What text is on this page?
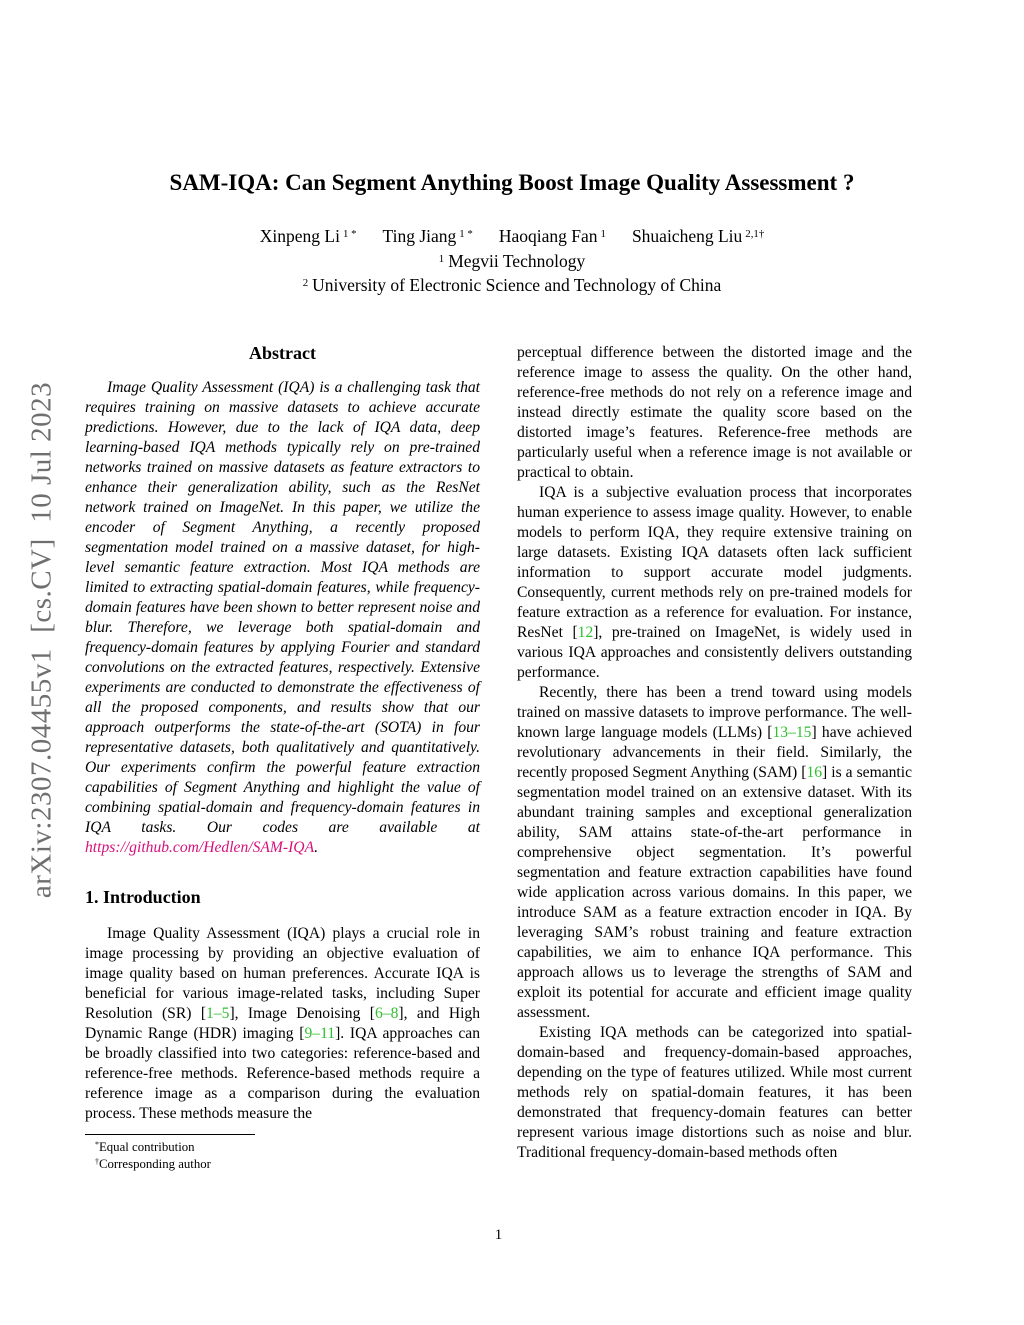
arXiv:2307.04455v1  [cs.CV]  10 Jul 2023
SAM-IQA: Can Segment Anything Boost Image Quality Assessment ?
Xinpeng Li $^{1 *}$ Ting Jiang $^{1 *}$ Haoqiang Fan $^1$ Shuaicheng Liu $^{2,1\dagger}$
$^1$ Megvii Technology
$^2$ University of Electronic Science and Technology of China
Abstract

Image Quality Assessment (IQA) is a challenging task that requires training on massive datasets to achieve accurate predictions. However, due to the lack of IQA data, deep learning-based IQA methods typically rely on pre-trained networks trained on massive datasets as feature extractors to enhance their generalization ability, such as the ResNet network trained on ImageNet. In this paper, we utilize the encoder of Segment Anything, a recently proposed segmentation model trained on a massive dataset, for high-level semantic feature extraction. Most IQA methods are limited to extracting spatial-domain features, while frequency-domain features have been shown to better represent noise and blur. Therefore, we leverage both spatial-domain and frequency-domain features by applying Fourier and standard convolutions on the extracted features, respectively. Extensive experiments are conducted to demonstrate the effectiveness of all the proposed components, and results show that our approach outperforms the state-of-the-art (SOTA) in four representative datasets, both qualitatively and quantitatively. Our experiments confirm the powerful feature extraction capabilities of Segment Anything and highlight the value of combining spatial-domain and frequency-domain features in IQA tasks. Our codes are available at https://github.com/Hedlen/SAM-IQA.

1. Introduction

Image Quality Assessment (IQA) plays a crucial role in image processing by providing an objective evaluation of image quality based on human preferences. Accurate IQA is beneficial for various image-related tasks, including Super Resolution (SR) [1–5], Image Denoising [6–8], and High Dynamic Range (HDR) imaging [9–11]. IQA approaches can be broadly classified into two categories: reference-based and reference-free methods. Reference-based methods require a reference image as a comparison during the evaluation process. These methods measure the

*Equal contribution
†Corresponding author

perceptual difference between the distorted image and the reference image to assess the quality. On the other hand, reference-free methods do not rely on a reference image and instead directly estimate the quality score based on the distorted image’s features. Reference-free methods are particularly useful when a reference image is not available or practical to obtain.

IQA is a subjective evaluation process that incorporates human experience to assess image quality. However, to enable models to perform IQA, they require extensive training on large datasets. Existing IQA datasets often lack sufficient information to support accurate model judgments. Consequently, current methods rely on pre-trained models for feature extraction as a reference for evaluation. For instance, ResNet [12], pre-trained on ImageNet, is widely used in various IQA approaches and consistently delivers outstanding performance.

Recently, there has been a trend toward using models trained on massive datasets to improve performance. The well-known large language models (LLMs) [13–15] have achieved revolutionary advancements in their field. Similarly, the recently proposed Segment Anything (SAM) [16] is a semantic segmentation model trained on an extensive dataset. With its abundant training samples and exceptional generalization ability, SAM attains state-of-the-art performance in comprehensive object segmentation. It’s powerful segmentation and feature extraction capabilities have found wide application across various domains. In this paper, we introduce SAM as a feature extraction encoder in IQA. By leveraging SAM’s robust training and feature extraction capabilities, we aim to enhance IQA performance. This approach allows us to leverage the strengths of SAM and exploit its potential for accurate and efficient image quality assessment.

Existing IQA methods can be categorized into spatial-domain-based and frequency-domain-based approaches, depending on the type of features utilized. While most current methods rely on spatial-domain features, it has been demonstrated that frequency-domain features can better represent various image distortions such as noise and blur. Traditional frequency-domain-based methods often

1
